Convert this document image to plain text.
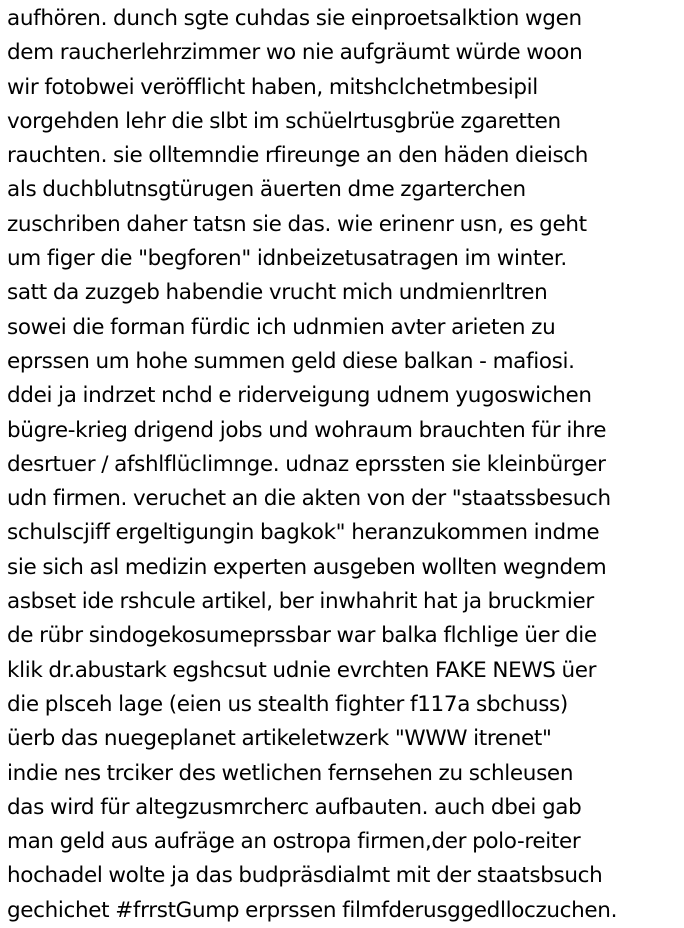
aufhören. dunch sgte cuhdas sie einproetsalktion wgen
dem raucherlehrzimmer wo nie aufgräumt würde woon
wir fotobwei veröfflicht haben, mitshclchetmbesipil
vorgehden lehr die slbt im schüelrtusgbrüe zgaretten
rauchten. sie olltemndie rfireunge an den häden dieisch
als duchblutnsgtürugen äuerten dme zgarterchen
zuschriben daher tatsn sie das. wie erinenr usn, es geht
um figer die "begforen" idnbeizetusatragen im winter.
satt da zuzgeb habendie vrucht mich undmienrltren
sowei die forman fürdic ich udnmien avter arieten zu
eprssen um hohe summen geld diese balkan - mafiosi.
ddei ja indrzet nchd e riderveigung udnem yugoswichen
bügre-krieg drigend jobs und wohraum brauchten für ihre
desrtuer / afshlflüclimnge. udnaz eprssten sie kleinbürger
udn firmen. veruchet an die akten von der "staatssbesuch
schulscjiff ergeltigungin bagkok" heranzukommen indme
sie sich asl medizin experten ausgeben wollten wegndem
asbset ide rshcule artikel, ber inwhahrit hat ja bruckmier
de rübr sindogekosumeprssbar war balka flchlige üer die
klik dr.abustark egshcsut udnie evrchten FAKE NEWS üer
die plsceh lage (eien us stealth fighter f117a sbchuss)
üerb das nuegeplanet artikeletwzerk "WWW itrenet"
indie nes trciker des wetlichen fernsehen zu schleusen
das wird für altegzusmrcherc aufbauten. auch dbei gab
man geld aus aufräge an ostropa firmen,der polo-reiter
hochadel wolte ja das budpräsdialmt mit der staatsbsuch
gechichet #frrstGump erprssen filmfderusggedlloczuchen.
